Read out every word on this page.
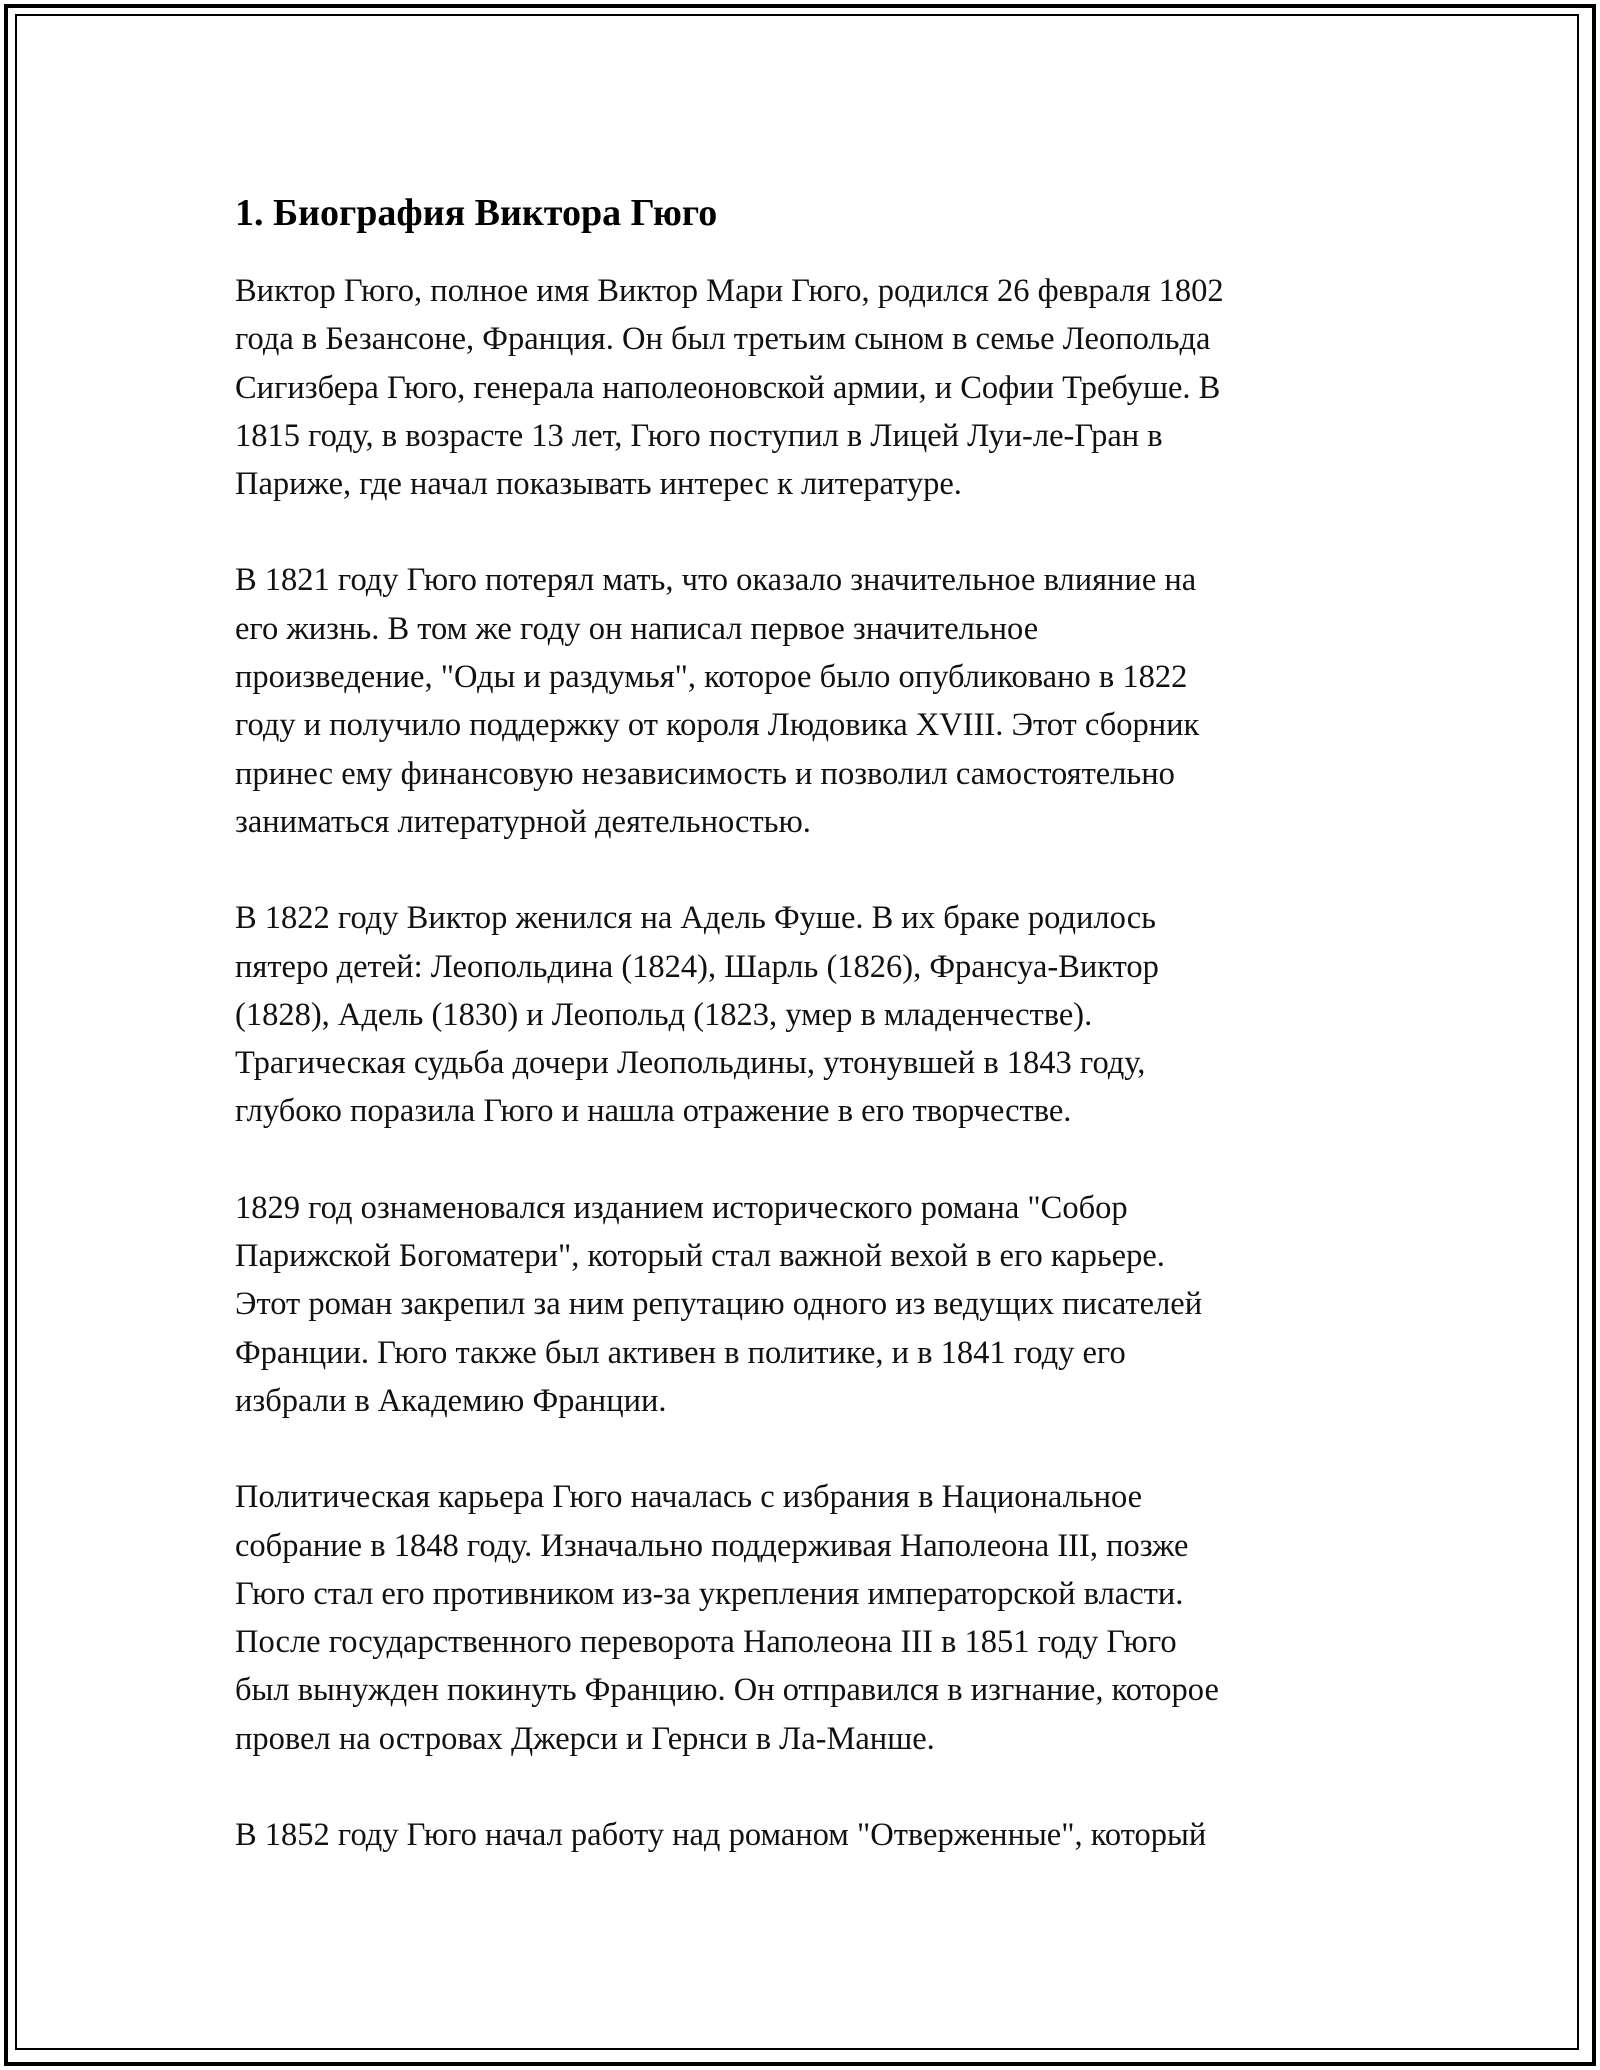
1. Биография Виктора Гюго
Виктор Гюго, полное имя Виктор Мари Гюго, родился 26 февраля 1802
года в Безансоне, Франция. Он был третьим сыном в семье Леопольда
Сигизбера Гюго, генерала наполеоновской армии, и Софии Требуше. В
1815 году, в возрасте 13 лет, Гюго поступил в Лицей Луи-ле-Гран в
Париже, где начал показывать интерес к литературе.
В 1821 году Гюго потерял мать, что оказало значительное влияние на
его жизнь. В том же году он написал первое значительное
произведение, "Оды и раздумья", которое было опубликовано в 1822
году и получило поддержку от короля Людовика XVIII. Этот сборник
принес ему финансовую независимость и позволил самостоятельно
заниматься литературной деятельностью.
В 1822 году Виктор женился на Адель Фуше. В их браке родилось
пятеро детей: Леопольдина (1824), Шарль (1826), Франсуа-Виктор
(1828), Адель (1830) и Леопольд (1823, умер в младенчестве).
Трагическая судьба дочери Леопольдины, утонувшей в 1843 году,
глубоко поразила Гюго и нашла отражение в его творчестве.
1829 год ознаменовался изданием исторического романа "Собор
Парижской Богоматери", который стал важной вехой в его карьере.
Этот роман закрепил за ним репутацию одного из ведущих писателей
Франции. Гюго также был активен в политике, и в 1841 году его
избрали в Академию Франции.
Политическая карьера Гюго началась с избрания в Национальное
собрание в 1848 году. Изначально поддерживая Наполеона III, позже
Гюго стал его противником из-за укрепления императорской власти.
После государственного переворота Наполеона III в 1851 году Гюго
был вынужден покинуть Францию. Он отправился в изгнание, которое
провел на островах Джерси и Гернси в Ла-Манше.
В 1852 году Гюго начал работу над романом "Отверженные", который
